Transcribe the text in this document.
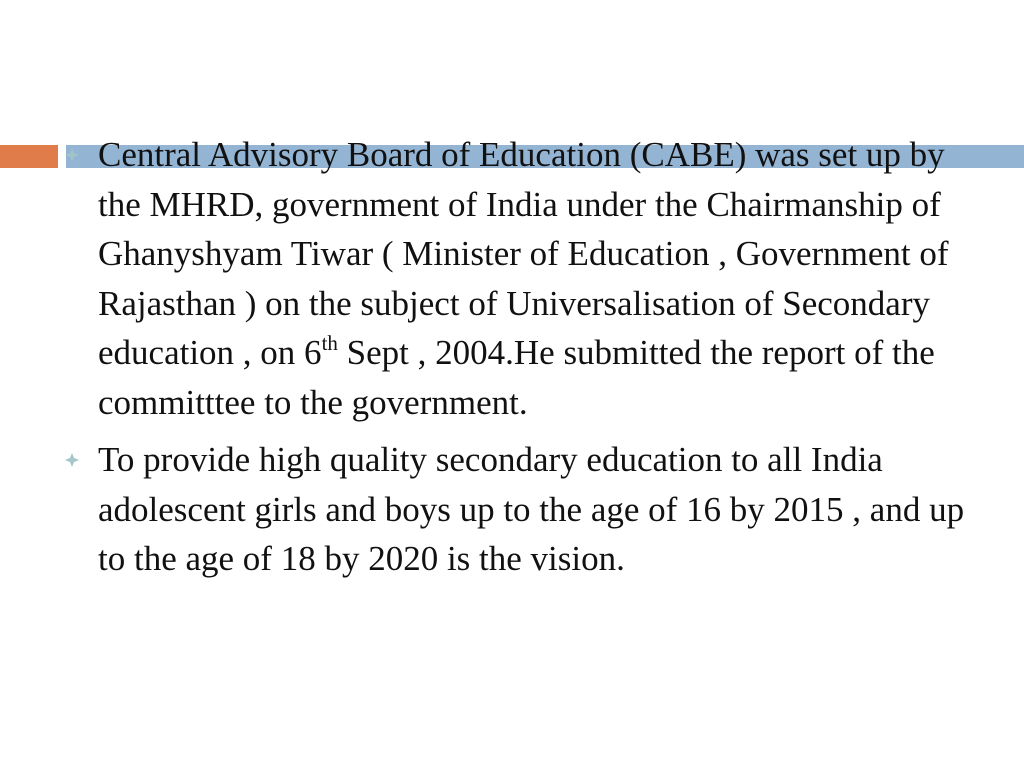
Central Advisory Board of Education (CABE) was set up by the MHRD, government of India under the Chairmanship of Ghanyshyam Tiwar ( Minister of Education , Government of Rajasthan ) on the subject of Universalisation of Secondary education , on 6th Sept , 2004.He submitted the report of the committtee to the government.
To provide high quality secondary education to all India adolescent girls and boys up to the age of 16 by 2015 , and up to the age of 18 by 2020 is the vision.
